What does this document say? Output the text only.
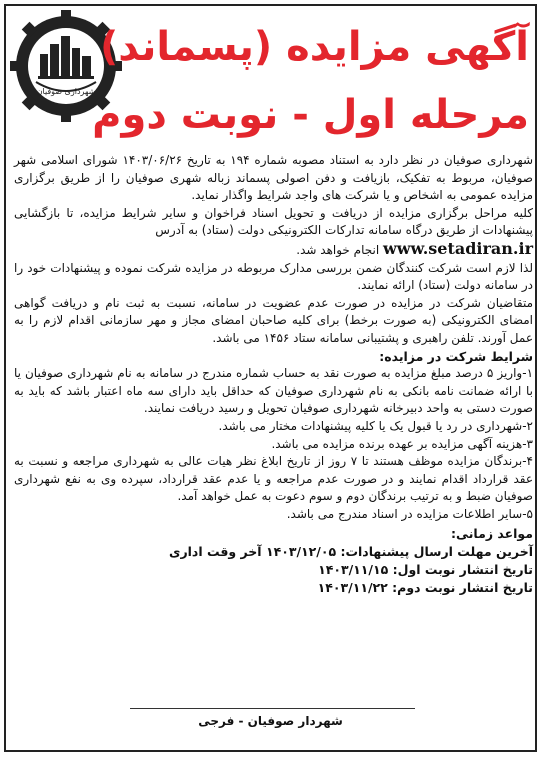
شهرداری صوفیان
آگهی مزایده (پسماند)
مرحله اول - نوبت دوم

شهرداری صوفیان در نظر دارد به استناد مصوبه شماره ۱۹۴ به تاریخ ۱۴۰۳/۰۶/۲۶ شورای اسلامی شهر صوفیان، مربوط به تفکیک، بازیافت و دفن اصولی پسماند زباله شهری صوفیان را از طریق برگزاری مزایده عمومی به اشخاص و یا شرکت های واجد شرایط واگذار نماید.

کلیه مراحل برگزاری مزایده از دریافت و تحویل اسناد فراخوان و سایر شرایط مزایده، تا بازگشایی پیشنهادات از طریق درگاه سامانه تدارکات الکترونیکی دولت (ستاد) به آدرس

www.setadiran.ir انجام خواهد شد.

لذا لازم است شرکت کنندگان ضمن بررسی مدارک مربوطه در مزایده شرکت نموده و پیشنهادات خود را در سامانه دولت (ستاد) ارائه نمایند.

متقاضیان شرکت در مزایده در صورت عدم عضویت در سامانه، نسبت به ثبت نام و دریافت گواهی امضای الکترونیکی (به صورت برخط) برای کلیه صاحبان امضای مجاز و مهر سازمانی اقدام لازم را به عمل آورند. تلفن راهبری و پشتیبانی سامانه ستاد ۱۴۵۶ می باشد.

شرایط شرکت در مزایده:

۱-واریز ۵ درصد مبلغ مزایده به صورت نقد به حساب شماره مندرج در سامانه به نام شهرداری صوفیان یا با ارائه ضمانت نامه بانکی به نام شهرداری صوفیان که حداقل باید دارای سه ماه اعتبار باشد که باید به صورت دستی به واحد دبیرخانه شهرداری صوفیان تحویل و رسید دریافت نمایند.

۲-شهرداری در رد یا قبول یک یا کلیه پیشنهادات مختار می باشد.

۳-هزینه آگهی مزایده بر عهده برنده مزایده می باشد.

۴-برندگان مزایده موظف هستند تا ۷ روز از تاریخ ابلاغ نظر هیات عالی به شهرداری مراجعه و نسبت به عقد قرارداد اقدام نمایند و در صورت عدم مراجعه و یا عدم عقد قرارداد، سپرده وی به نفع شهرداری صوفیان ضبط و به ترتیب برندگان دوم و سوم دعوت به عمل خواهد آمد.

۵-سایر اطلاعات مزایده در اسناد مندرج می باشد.

مواعد زمانی:

آخرین مهلت ارسال پیشنهادات: ۱۴۰۳/۱۲/۰۵ آخر وقت اداری

تاریخ انتشار نوبت اول: ۱۴۰۳/۱۱/۱۵

تاریخ انتشار نوبت دوم: ۱۴۰۳/۱۱/۲۲

شهردار صوفیان - فرجی
